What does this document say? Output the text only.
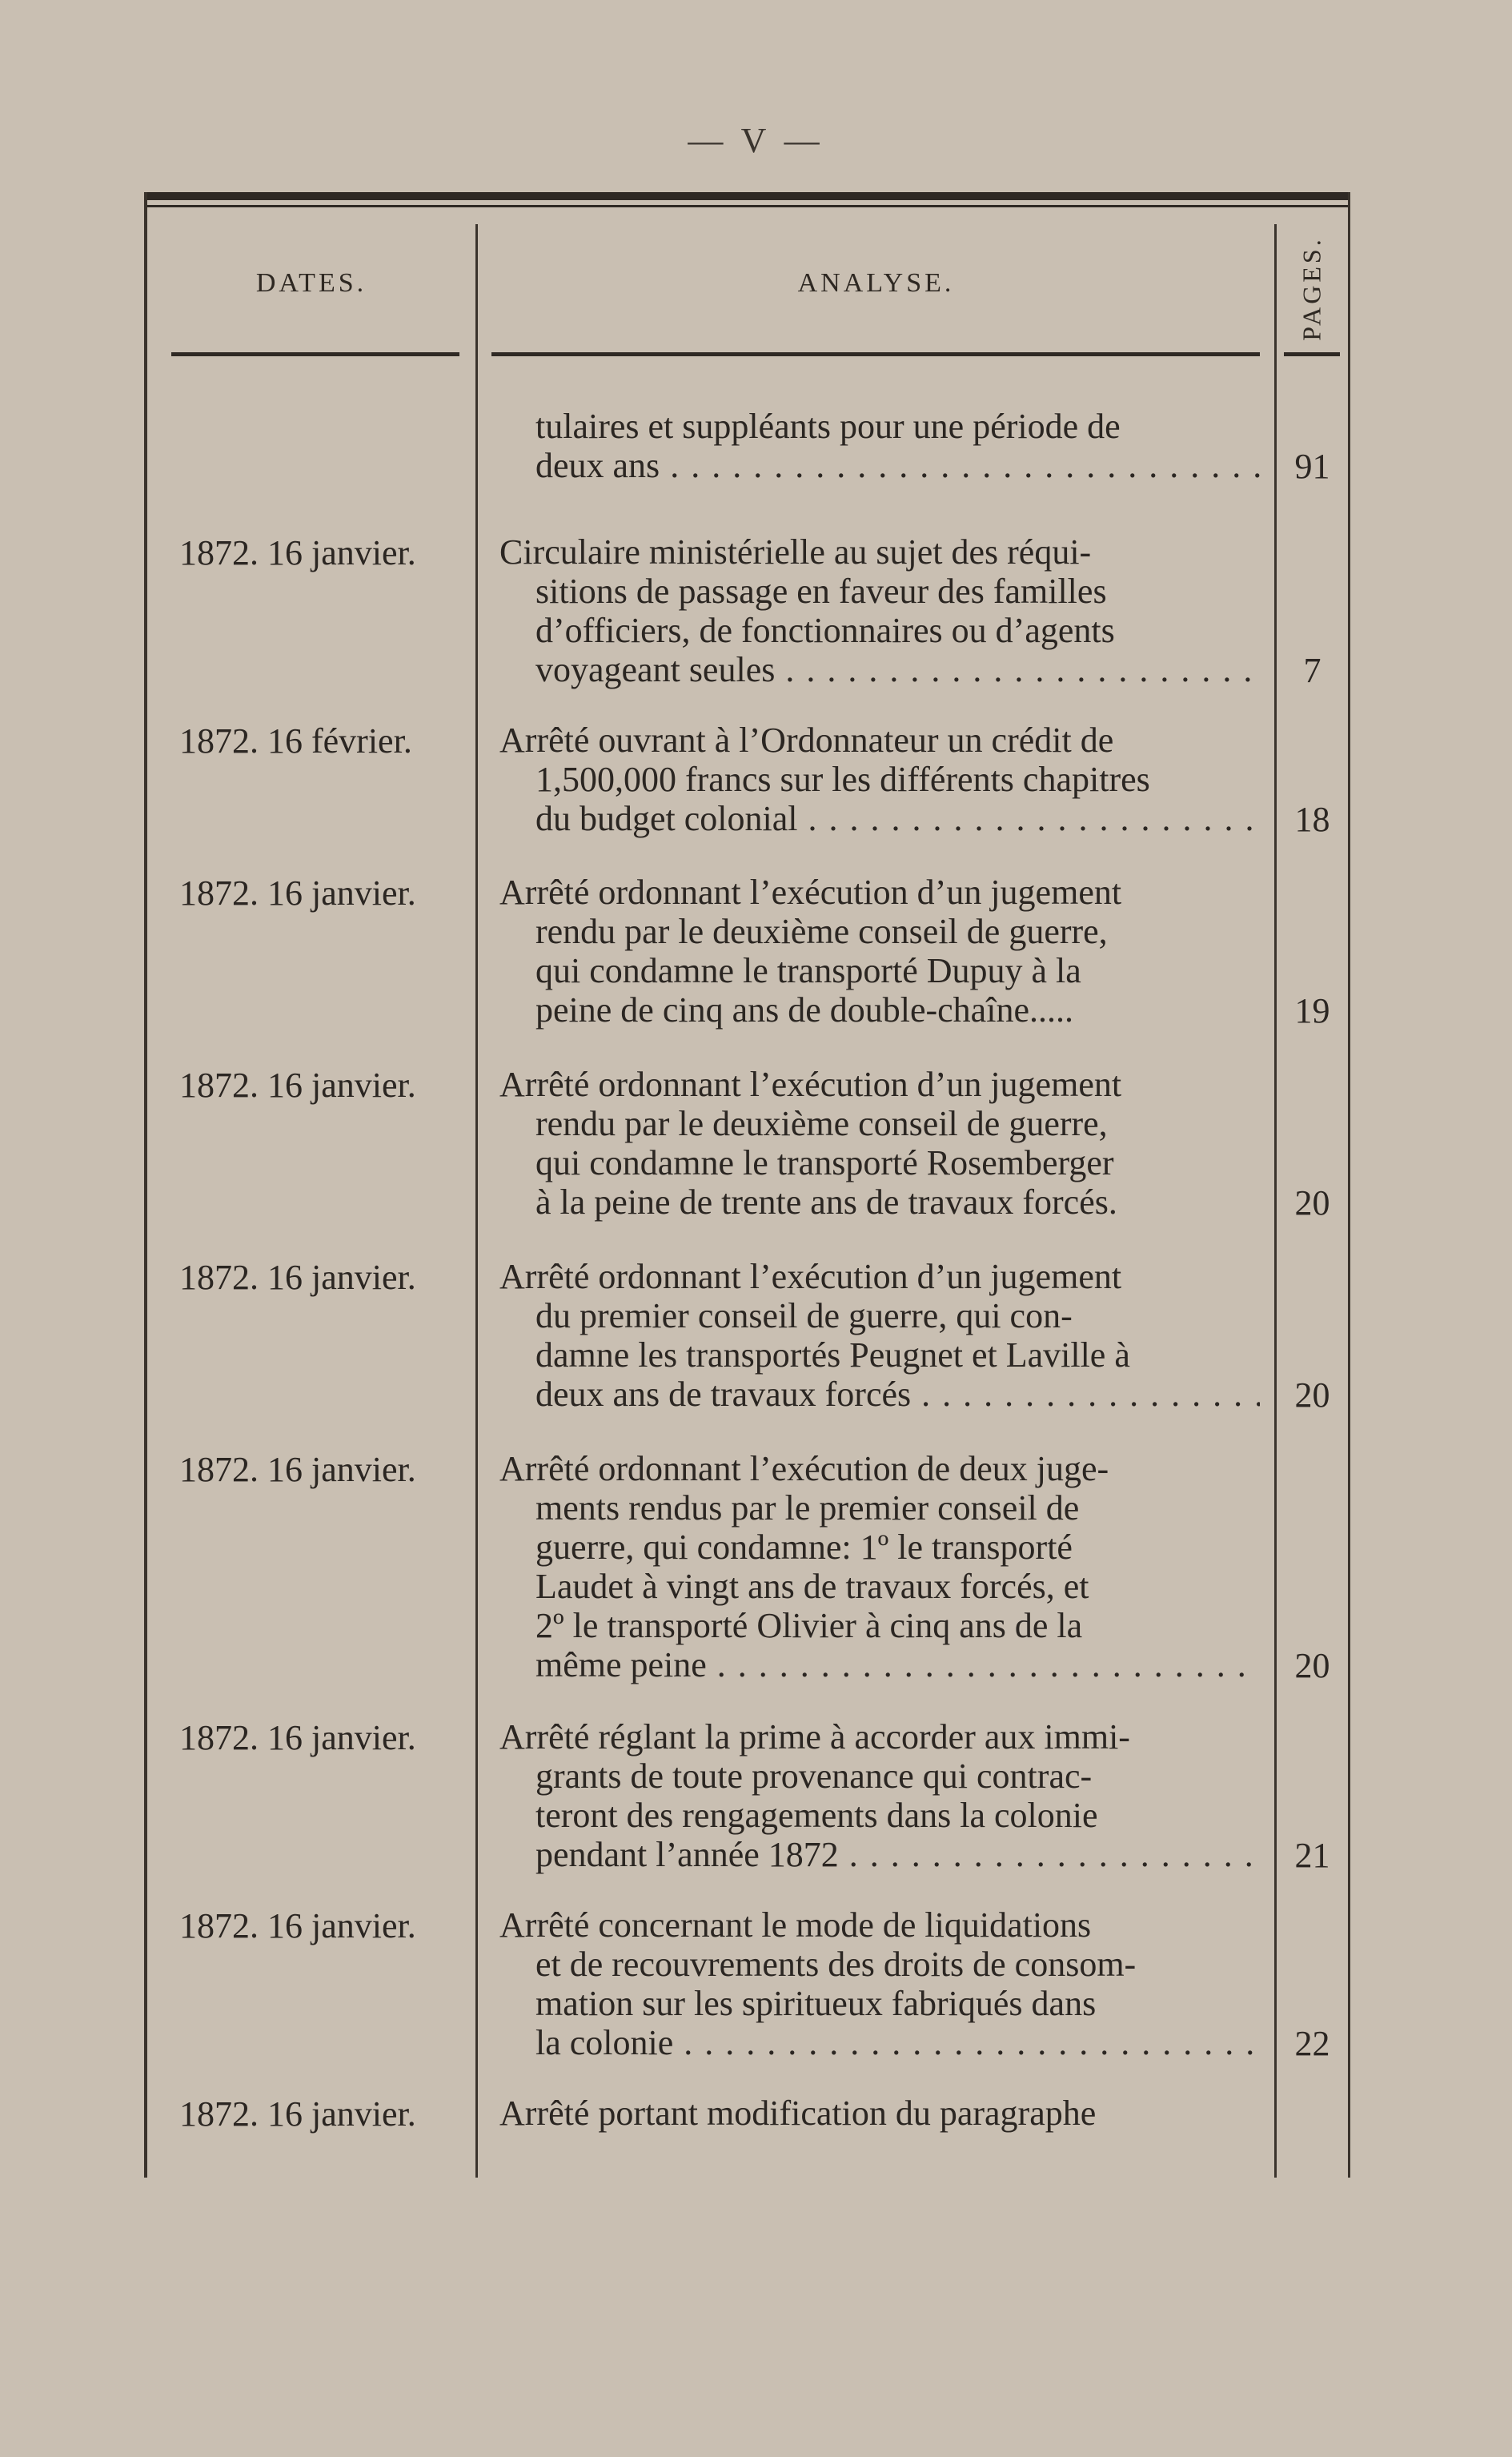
— V —
DATES.	ANALYSE.	PAGES.
tulaires et suppléants pour une période de
deux ans . . .	91
1872. 16 janvier. Circulaire ministérielle au sujet des réqui-
sitions de passage en faveur des familles
d’officiers, de fonctionnaires ou d’agents
voyageant seules . . .	7
1872. 16 février. Arrêté ouvrant à l’Ordonnateur un crédit de
1,500,000 francs sur les différents chapitres
du budget colonial . . .	18
1872. 16 janvier. Arrêté ordonnant l’exécution d’un jugement
rendu par le deuxième conseil de guerre,
qui condamne le transporté Dupuy à la
peine de cinq ans de double-chaîne.....	19
1872. 16 janvier. Arrêté ordonnant l’exécution d’un jugement
rendu par le deuxième conseil de guerre,
qui condamne le transporté Rosemberger
à la peine de trente ans de travaux forcés.	20
1872. 16 janvier. Arrêté ordonnant l’exécution d’un jugement
du premier conseil de guerre, qui con-
damne les transportés Peugnet et Laville à
deux ans de travaux forcés . . .	20
1872. 16 janvier. Arrêté ordonnant l’exécution de deux juge-
ments rendus par le premier conseil de
guerre, qui condamne: 1º le transporté
Laudet à vingt ans de travaux forcés, et
2º le transporté Olivier à cinq ans de la
même peine . . .	20
1872. 16 janvier. Arrêté réglant la prime à accorder aux immi-
grants de toute provenance qui contrac-
teront des rengagements dans la colonie
pendant l’année 1872 . . .	21
1872. 16 janvier. Arrêté concernant le mode de liquidations
et de recouvrements des droits de consom-
mation sur les spiritueux fabriqués dans
la colonie . . .	22
1872. 16 janvier. Arrêté portant modification du paragraphe
